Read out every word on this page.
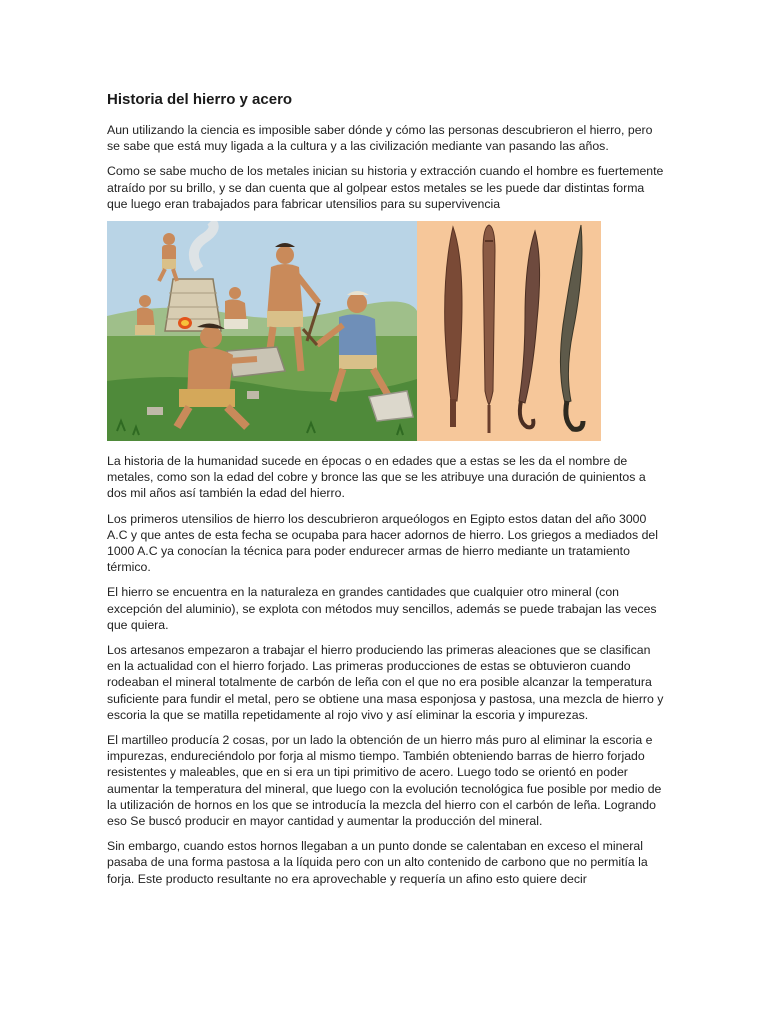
Historia del hierro y acero

Aun utilizando la ciencia es imposible saber dónde y cómo las personas descubrieron el hierro, pero se sabe que está muy ligada a la cultura y a las civilización mediante van pasando las años.

Como se sabe mucho de los metales inician su historia y extracción cuando el hombre es fuertemente atraído por su brillo, y se dan cuenta que al golpear estos metales se les puede dar distintas forma que luego eran trabajados para fabricar utensilios para su supervivencia

La historia de la humanidad sucede en épocas o en edades que a estas se les da el nombre de metales, como son la edad del cobre y bronce las que se les atribuye una duración de quinientos a dos mil años así también la edad del hierro.

Los primeros utensilios de hierro los descubrieron arqueólogos en Egipto estos datan del año 3000 A.C y que antes de esta fecha se ocupaba para hacer adornos de hierro. Los griegos a mediados del 1000 A.C ya conocían la técnica para poder endurecer armas de hierro mediante un tratamiento térmico.

El hierro se encuentra en la naturaleza en grandes cantidades que cualquier otro mineral (con excepción del aluminio), se explota con métodos muy sencillos, además se puede trabajan las veces que quiera.

Los artesanos empezaron a trabajar el hierro produciendo las primeras aleaciones que se clasifican en la actualidad con el hierro forjado. Las primeras producciones de estas se obtuvieron cuando rodeaban el mineral totalmente de carbón de leña con el que no era posible alcanzar la temperatura suficiente para fundir el metal, pero se obtiene una masa esponjosa y pastosa, una mezcla de hierro y escoria la que se matilla repetidamente al rojo vivo y así eliminar la escoria y impurezas.

El martilleo producía 2 cosas, por un lado la obtención de un hierro más puro al eliminar la escoria e impurezas, endureciéndolo por forja al mismo tiempo. También obteniendo barras de hierro forjado resistentes y maleables, que en si era un tipi primitivo de acero. Luego todo se orientó en poder aumentar la temperatura del mineral, que luego con la evolución tecnológica fue posible por medio de la utilización de hornos en los que se introducía la mezcla del hierro con el carbón de leña. Logrando eso Se buscó producir en mayor cantidad y aumentar la producción del mineral.

Sin embargo, cuando estos hornos llegaban a un punto donde se calentaban en exceso el mineral pasaba de una forma pastosa a la líquida pero con un alto contenido de carbono que no permitía la forja. Este producto resultante no era aprovechable y requería un afino esto quiere decir
